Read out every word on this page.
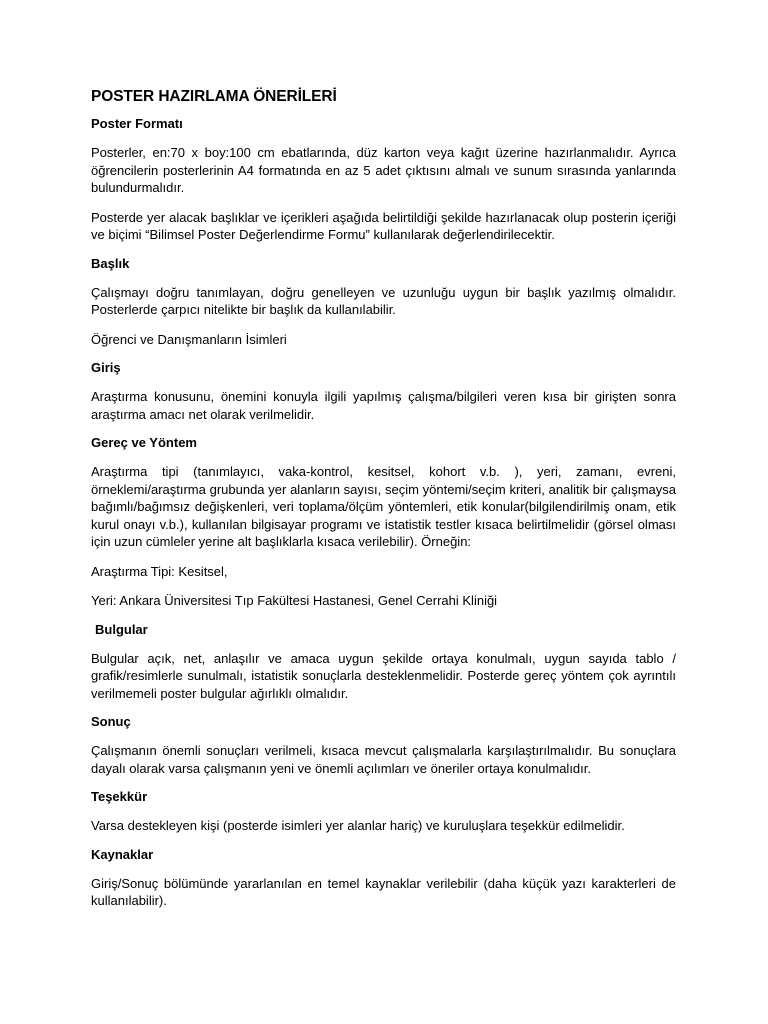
POSTER HAZIRLAMA ÖNERİLERİ
Poster Formatı
Posterler, en:70 x boy:100 cm ebatlarında, düz karton veya kağıt üzerine hazırlanmalıdır. Ayrıca öğrencilerin posterlerinin A4 formatında en az 5 adet çıktısını almalı ve sunum sırasında yanlarında bulundurmalıdır.
Posterde yer alacak başlıklar ve içerikleri aşağıda belirtildiği şekilde hazırlanacak olup posterin içeriği ve biçimi “Bilimsel Poster Değerlendirme Formu” kullanılarak değerlendirilecektir.
Başlık
Çalışmayı doğru tanımlayan, doğru genelleyen ve uzunluğu uygun bir başlık yazılmış olmalıdır. Posterlerde çarpıcı nitelikte bir başlık da kullanılabilir.
Öğrenci ve Danışmanların İsimleri
Giriş
Araştırma konusunu, önemini konuyla ilgili yapılmış çalışma/bilgileri veren kısa bir girişten sonra araştırma amacı net olarak verilmelidir.
Gereç ve Yöntem
Araştırma tipi (tanımlayıcı, vaka-kontrol, kesitsel, kohort v.b. ), yeri, zamanı, evreni, örneklemi/araştırma grubunda yer alanların sayısı, seçim yöntemi/seçim kriteri, analitik bir çalışmaysa bağımlı/bağımsız değişkenleri, veri toplama/ölçüm yöntemleri, etik konular(bilgilendirilmiş onam, etik kurul onayı v.b.), kullanılan bilgisayar programı ve istatistik testler kısaca belirtilmelidir (görsel olması için uzun cümleler yerine alt başlıklarla kısaca verilebilir). Örneğin:
Araştırma Tipi: Kesitsel,
Yeri: Ankara Üniversitesi Tıp Fakültesi Hastanesi, Genel Cerrahi Kliniği
Bulgular
Bulgular açık, net, anlaşılır ve amaca uygun şekilde ortaya konulmalı, uygun sayıda tablo / grafik/resimlerle sunulmalı, istatistik sonuçlarla desteklenmelidir. Posterde gereç yöntem çok ayrıntılı verilmemeli poster bulgular ağırlıklı olmalıdır.
Sonuç
Çalışmanın önemli sonuçları verilmeli, kısaca mevcut çalışmalarla karşılaştırılmalıdır. Bu sonuçlara dayalı olarak varsa çalışmanın yeni ve önemli açılımları ve öneriler ortaya konulmalıdır.
Teşekkür
Varsa destekleyen kişi (posterde isimleri yer alanlar hariç) ve kuruluşlara teşekkür edilmelidir.
Kaynaklar
Giriş/Sonuç bölümünde yararlanılan en temel kaynaklar verilebilir (daha küçük yazı karakterleri de kullanılabilir).
